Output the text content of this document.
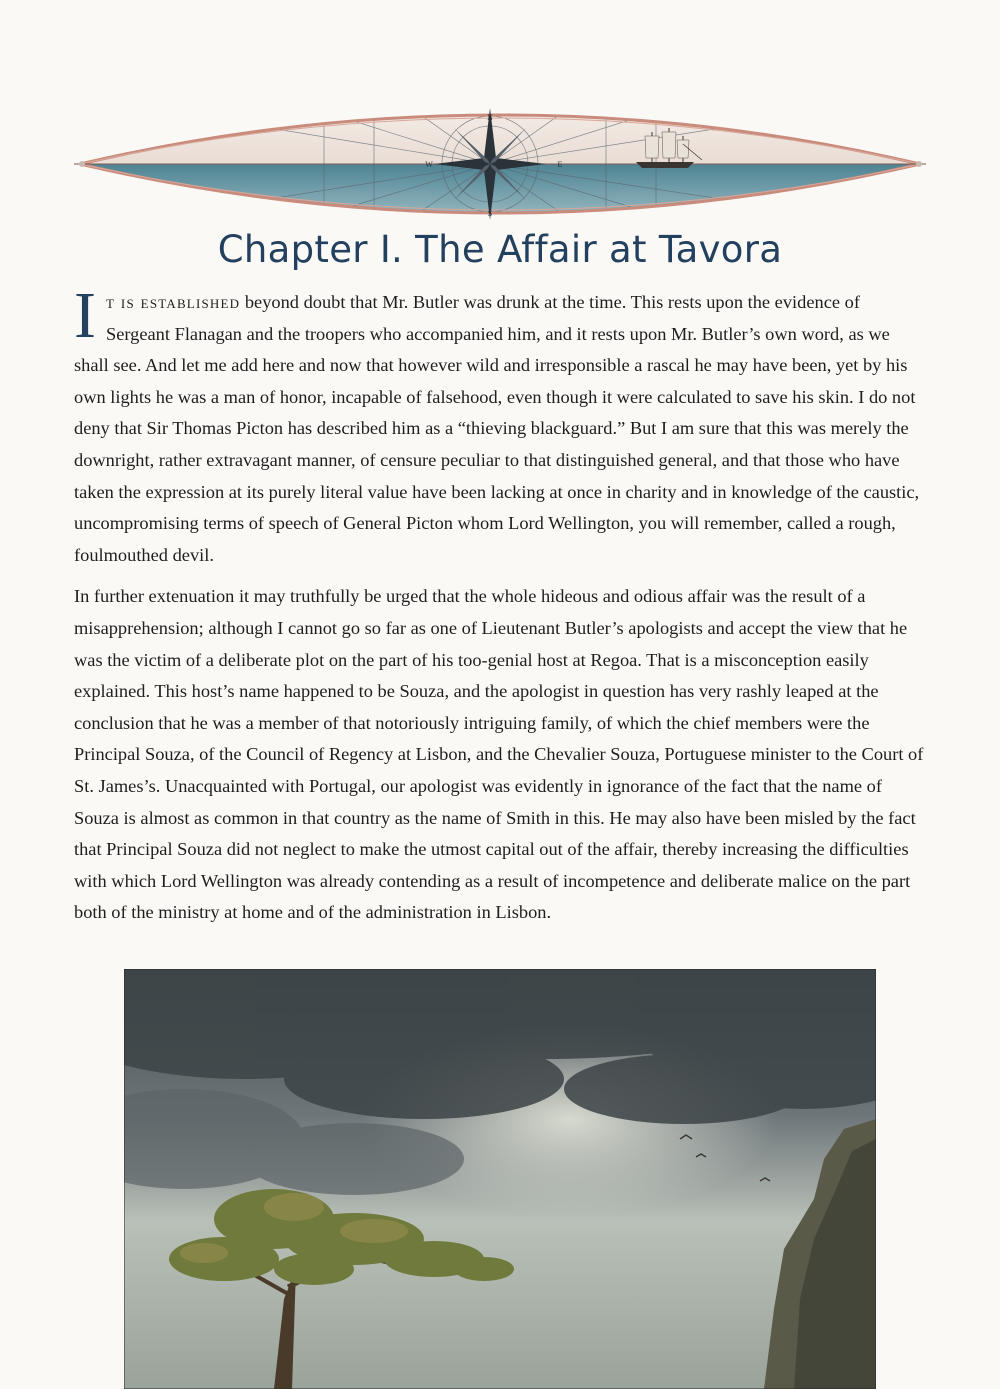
N
S
W	E
Chapter I. The Affair at Tavora

It is established beyond doubt that Mr. Butler was drunk at the time. This rests upon the evidence of Sergeant Flanagan and the troopers who accompanied him, and it rests upon Mr. Butler’s own word, as we shall see. And let me add here and now that however wild and irresponsible a rascal he may have been, yet by his own lights he was a man of honor, incapable of falsehood, even though it were calculated to save his skin. I do not deny that Sir Thomas Picton has described him as a “thieving blackguard.” But I am sure that this was merely the downright, rather extravagant manner, of censure peculiar to that distinguished general, and that those who have taken the expression at its purely literal value have been lacking at once in charity and in knowledge of the caustic, uncompromising terms of speech of General Picton whom Lord Wellington, you will remember, called a rough, foulmouthed devil.

In further extenuation it may truthfully be urged that the whole hideous and odious affair was the result of a misapprehension; although I cannot go so far as one of Lieutenant Butler’s apologists and accept the view that he was the victim of a deliberate plot on the part of his too-genial host at Regoa. That is a misconception easily explained. This host’s name happened to be Souza, and the apologist in question has very rashly leaped at the conclusion that he was a member of that notoriously intriguing family, of which the chief members were the Principal Souza, of the Council of Regency at Lisbon, and the Chevalier Souza, Portuguese minister to the Court of St. James’s. Unacquainted with Portugal, our apologist was evidently in ignorance of the fact that the name of Souza is almost as common in that country as the name of Smith in this. He may also have been misled by the fact that Principal Souza did not neglect to make the utmost capital out of the affair, thereby increasing the difficulties with which Lord Wellington was already contending as a result of incompetence and deliberate malice on the part both of the ministry at home and of the administration in Lisbon.
